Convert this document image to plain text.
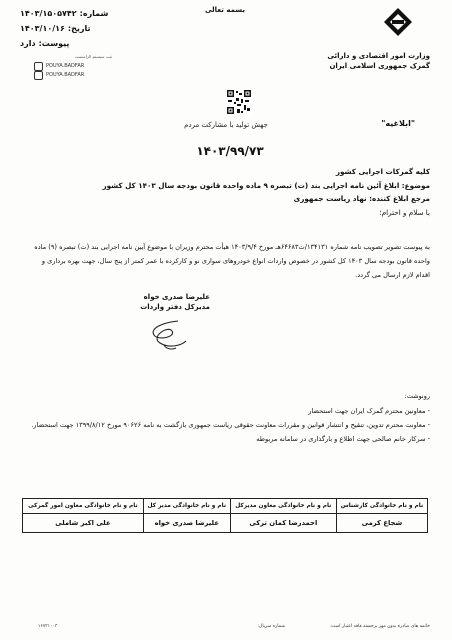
بسمه تعالی
وزارت امور اقتصادی و دارائی
گمرک جمهوری اسلامی ایران
شماره:
۱۴۰۳/۱۵۰۵۷۴۲
تاریخ:
۱۴۰۳/۱۰/۱۶
پیوست:
دارد
ثبت سیستم الزامیست
POUYA.BADFAR
POUYA.BADFAR
جهش تولید با مشارکت مردم	"ابلاغیه"
۱۴۰۳/۹۹/۷۳
کلیه گمرکات اجرایی کشور
موضوع: ابلاغ آئین نامه اجرایی بند (ت) تبصره ۹ ماده واحده قانون بودجه سال ۱۴۰۳ کل کشور
مرجع ابلاغ کننده: نهاد ریاست جمهوری
با سلام و احترام؛
به پیوست تصویر تصویب نامه شماره ۱۳۴۱۳۱/ت۶۴۶۸۳هـ مورخ ۱۴۰۳/۹/۴ هیأت محترم وزیران با موضوع آیین نامه اجرایی بند (ت) تبصره (۹) ماده واحده قانون بودجه سال ۱۴۰۳ کل کشور در خصوص واردات انواع خودروهای سواری نو و کارکرده با عمر کمتر از پنج سال، جهت بهره برداری و اقدام لازم ارسال می گردد.
علیرضا صدری خواه
مدیرکل دفتر واردات
رونوشت:
- معاونین محترم گمرک ایران جهت استحضار
- معاونت محترم تدوین، تنقیح و انتشار قوانین و مقررات معاونت حقوقی ریاست جمهوری بازگشت به نامه ۹۰۶۲۶ مورخ ۱۳۹۹/۸/۱۲ جهت استحضار.
- سرکار خانم صالحی جهت اطلاع و بارگذاری در سامانه مربوطه
نام و نام خانوادگی کارشناس	نام و نام خانوادگی معاون مدیرکل	نام و نام خانوادگی مدیر کل	نام و نام خانوادگی معاون امور گمرکی
شجاع کرمی	احمدرضا کمان ترکی	علیرضا صدری خواه	علی اکبر شاملی
خاتمه های صادره بدون مهر برجسته فاقد اعتبار است.
شماره سریال:
۱۶۷۳۱۰۰۳
